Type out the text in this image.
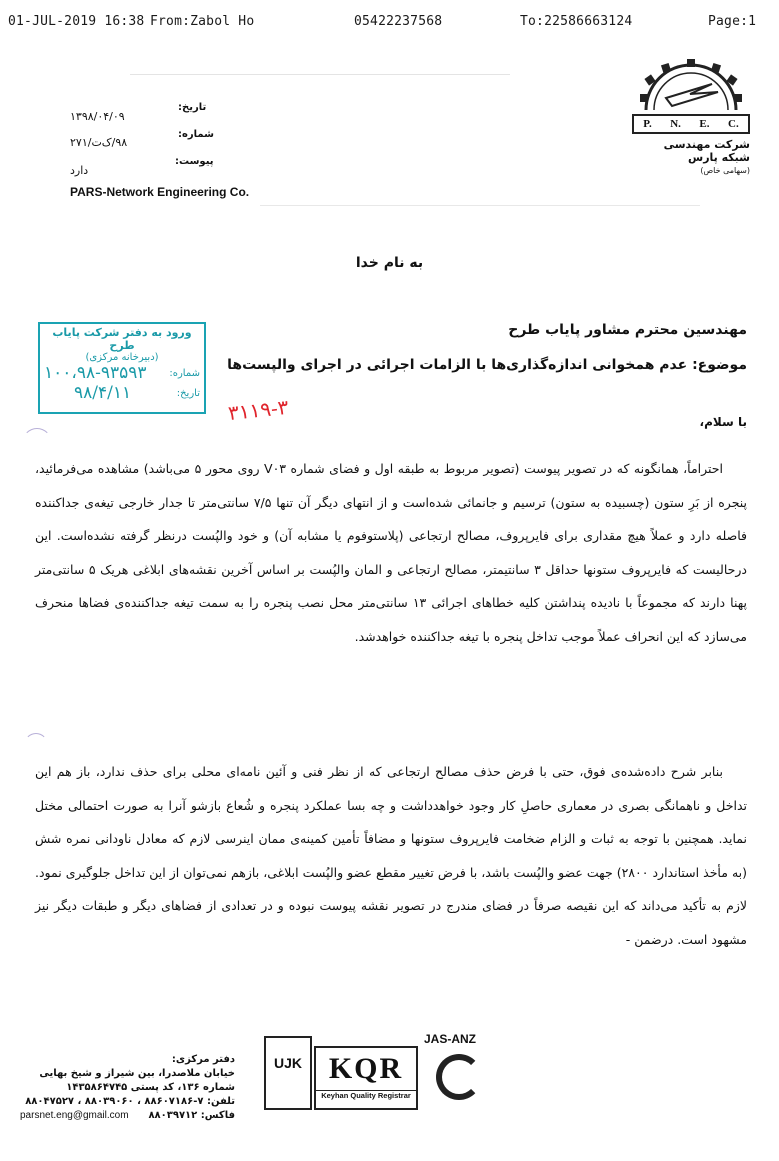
01-JUL-2019 16:38 From:Zabol Ho	05422237568	To:22586663124	Page:1
تاریخ:
۱۳۹۸/۰۴/۰۹
شماره:
۹۸/ک‌ت/۲۷۱
پیوست:
دارد
PARS-Network Engineering Co.
P. N. E. C.
شرکت مهندسی شبکه پارس
(سهامی خاص)
به نام خدا
ورود به دفتر شرکت پایاب طرح
(دبیرخانه مرکزی)
شماره:
۱۰۰،۹۸-۹۳۵۹۳
تاریخ:
۹۸/۴/۱۱
۳۱۱۹-۳
مهندسین محترم مشاور پایاب طرح
موضوع: عدم همخوانی اندازه‌گذاری‌ها با الزامات اجرائی در اجرای والپست‌ها
با سلام،
احتراماً، همانگونه که در تصویر پیوست (تصویر مربوط به طبقه اول و فضای شماره V۰۳ روی محور ۵ می‌باشد) مشاهده می‌فرمائید، پنجره از بَرِ ستون (چسبیده به ستون) ترسیم و جانمائی شده‌است و از انتهای دیگر آن تنها ۷/۵ سانتی‌متر تا جدار خارجی تیغه‌ی جداکننده فاصله دارد و عملاً هیچ مقداری برای فایرپروف، مصالح ارتجاعی (پلاستوفوم یا مشابه آن) و خود والپُست درنظر گرفته نشده‌است. این درحالیست که فایرپروف ستونها حداقل ۳ سانتیمتر، مصالح ارتجاعی و المان والپُست بر اساس آخرین نقشه‌های ابلاغی هریک ۵ سانتی‌متر پهنا دارند که مجموعاً با نادیده پنداشتن کلیه خطاهای اجرائی ۱۳ سانتی‌متر محل نصب پنجره را به سمت تیغه جداکننده‌ی فضاها منحرف می‌سازد که این انحراف عملاً موجب تداخل پنجره با تیغه جداکننده خواهدشد.
بنابر شرح داده‌شده‌ی فوق، حتی با فرض حذف مصالح ارتجاعی که از نظر فنی و آئین نامه‌ای محلی برای حذف ندارد، باز هم این تداخل و ناهمانگی بصری در معماری حاصلِ کار وجود خواهدداشت و چه بسا عملکرد پنجره و شُعاع بازشو آنرا به صورت احتمالی مختل نماید. همچنین با توجه به ثبات و الزام ضخامت فایرپروف ستونها و مضافاً تأمین کمینه‌ی ممان اینرسی لازم که معادل ناودانی نمره شش (به مأخذ استاندارد ۲۸۰۰) جهت عضو والپُست باشد، با فرض تغییر مقطع عضو والپُست ابلاغی، بازهم نمی‌توان از این تداخل جلوگیری نمود. لازم به تأکید می‌داند که این نقیصه صرفاً در فضای مندرج در تصویر نقشه پیوست نبوده و در تعدادی از فضاهای دیگر و طبقات دیگر نیز مشهود است. درضمن -
دفتر مرکزی:
خیابان ملاصدرا، بین شیراز و شیخ بهایی
شماره ۱۳۶، کد پستی ۱۴۳۵۸۶۴۷۴۵
تلفن: ۷-۸۸۶۰۷۱۸۶ ، ۸۸۰۳۹۰۶۰ ، ۸۸۰۴۷۵۲۷
فاکس: ۸۸۰۳۹۷۱۲
parsnet.eng@gmail.com
UJK KQR
Keyhan Quality Registrar
JAS-ANZ
